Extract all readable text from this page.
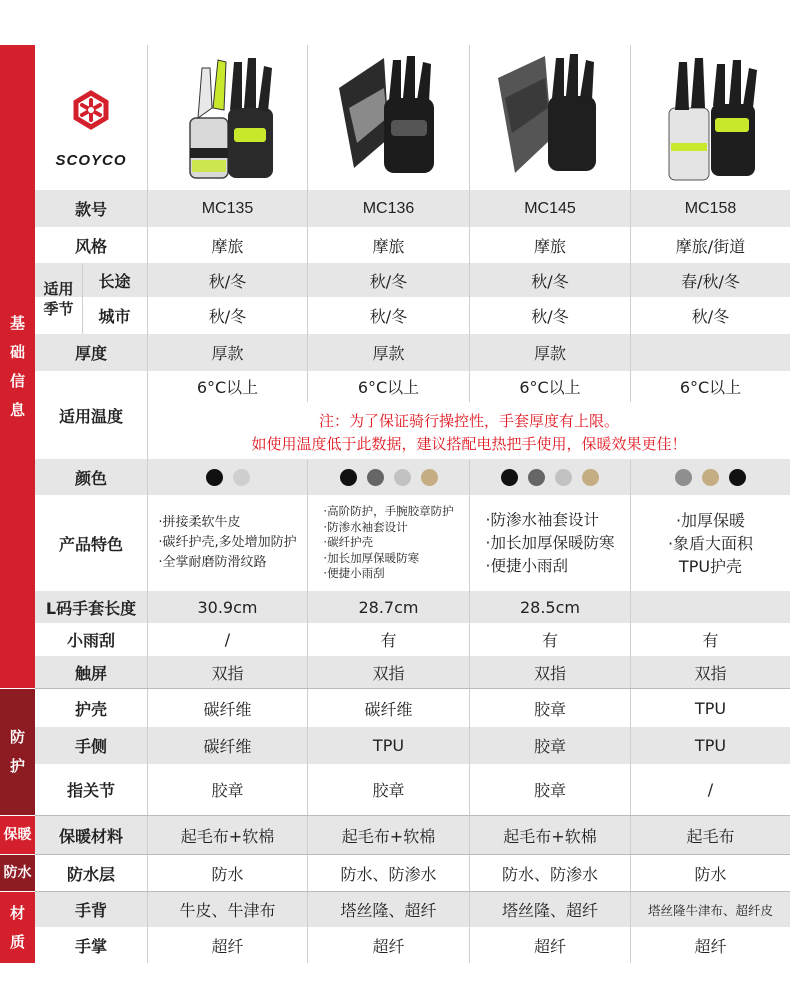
基
础
信
息
防
护
保暖
防水
材
质
SCOYCO
款号
风格
适用
季节
长途
城市
厚度
适用温度
颜色
产品特色
L码手套长度
小雨刮
触屏
护壳
手侧
指关节
保暖材料
防水层
手背
手掌
注：为了保证骑行操控性，手套厚度有上限。
如使用温度低于此数据，建议搭配电热把手使用，保暖效果更佳！
MC135
摩旅
秋/冬
秋/冬
厚款
6°C以上
30.9cm
/
双指
碳纤维
碳纤维
胶章
起毛布+软棉
防水
牛皮、牛津布
超纤
·拼接柔软牛皮
·碳纤护壳,多处增加防护
·全掌耐磨防滑纹路
MC136
摩旅
秋/冬
秋/冬
厚款
6°C以上
28.7cm
有
双指
碳纤维
TPU
胶章
起毛布+软棉
防水、防渗水
塔丝隆、超纤
超纤
·高阶防护，手腕胶章防护
·防渗水袖套设计
·碳纤护壳
·加长加厚保暖防寒
·便捷小雨刮
MC145
摩旅
秋/冬
秋/冬
厚款
6°C以上
28.5cm
有
双指
胶章
胶章
胶章
起毛布+软棉
防水、防渗水
塔丝隆、超纤
超纤
·防渗水袖套设计
·加长加厚保暖防寒
·便捷小雨刮
MC158
摩旅/街道
春/秋/冬
秋/冬
6°C以上
有
双指
TPU
TPU
/
起毛布
防水
塔丝隆牛津布、超纤皮
超纤
·加厚保暖
·象盾大面积
TPU护壳
